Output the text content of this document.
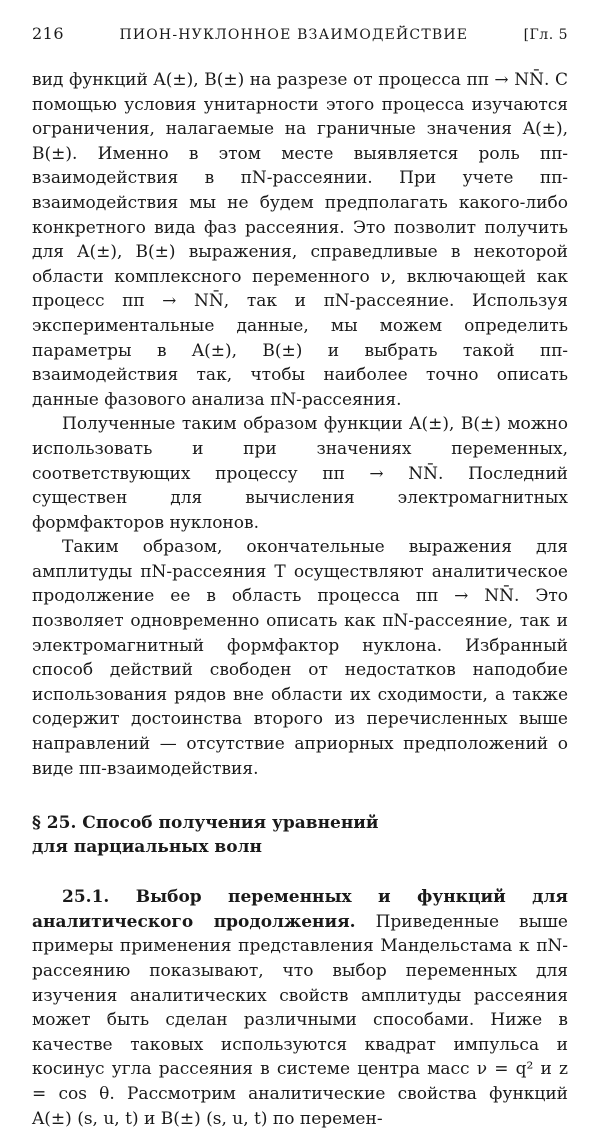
216	ПИОН-НУКЛОННОЕ ВЗАИМОДЕЙСТВИЕ	[Гл. 5

вид функций A(±), B(±) на разрезе от процесса ππ → NN̄. С помощью условия унитарности этого процесса изучаются ограничения, налагаемые на граничные значения A(±), B(±). Именно в этом месте выявляется роль ππ-взаимодействия в πN-рассеянии. При учете ππ-взаимодействия мы не будем предполагать какого-либо конкретного вида фаз рассеяния. Это позволит получить для A(±), B(±) выражения, справедливые в некоторой области комплексного переменного ν, включающей как процесс ππ → NN̄, так и πN-рассеяние. Используя экспериментальные данные, мы можем определить параметры в A(±), B(±) и выбрать такой ππ-взаимодействия так, чтобы наиболее точно описать данные фазового анализа πN-рассеяния.

Полученные таким образом функции A(±), B(±) можно использовать и при значениях переменных, соответствующих процессу ππ → NN̄. Последний существен для вычисления электромагнитных формфакторов нуклонов.

Таким образом, окончательные выражения для амплитуды πN-рассеяния T осуществляют аналитическое продолжение ее в область процесса ππ → NN̄. Это позволяет одновременно описать как πN-рассеяние, так и электромагнитный формфактор нуклона. Избранный способ действий свободен от недостатков наподобие использования рядов вне области их сходимости, а также содержит достоинства второго из перечисленных выше направлений — отсутствие априорных предположений о виде ππ-взаимодействия.

§ 25. Способ получения уравнений
для парциальных волн

25.1. Выбор переменных и функций для аналитического продолжения. Приведенные выше примеры применения представления Мандельстама к πN-рассеянию показывают, что выбор переменных для изучения аналитических свойств амплитуды рассеяния может быть сделан различными способами. Ниже в качестве таковых используются квадрат импульса и косинус угла рассеяния в системе центра масс ν = q² и z = cos θ. Рассмотрим аналитические свойства функций A(±) (s, u, t) и B(±) (s, u, t) по перемен-
